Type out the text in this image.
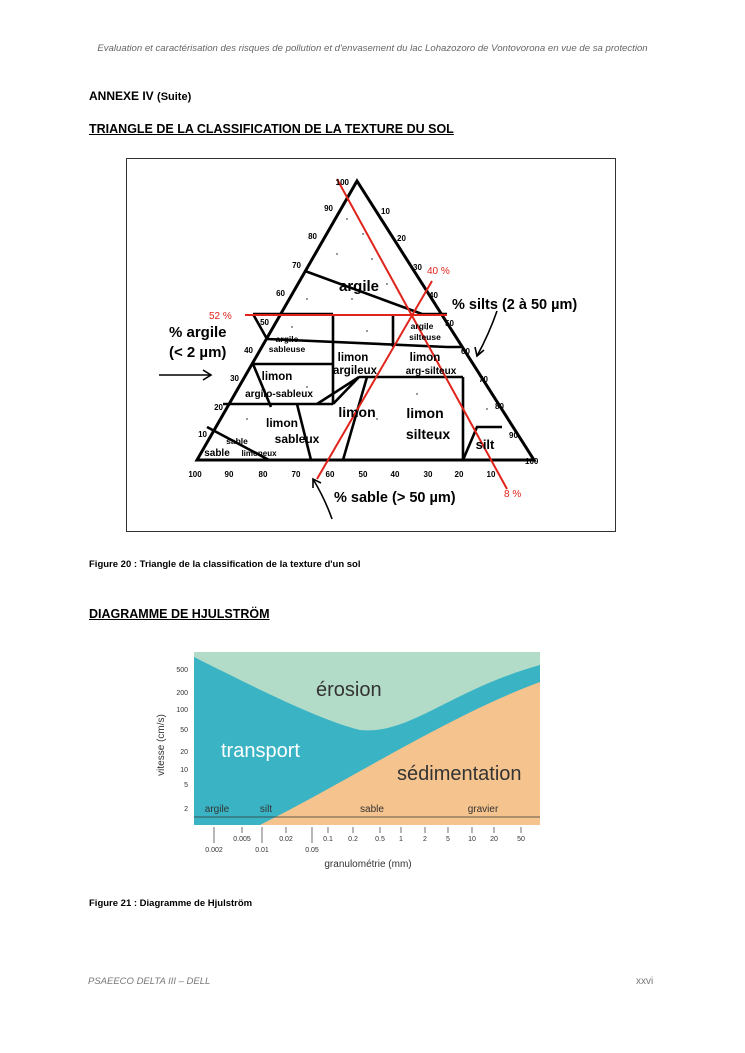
Evaluation et caractérisation des risques de pollution et d'envasement du lac Lohazozoro de Vontovorona en vue de sa protection
ANNEXE IV (Suite)
TRIANGLE DE LA CLASSIFICATION DE LA TEXTURE DU SOL
100
90
80
70
60
50
40
30
20
10
10
20
30
40
50
60
70
80
90
100
100	90	80	70	60	50	40	30	20	10
argile
argile
sableuse
argile
silteuse
limon
argileux
limon
arg-silteux
limon
argilo-sableux
limon limon
silteux
limon
sableux
sable
limoneux
sable
silt
% argile
(< 2 µm)
% silts (2 à 50 µm)
% sable (> 50 µm)
40 %
52 %
8 %
Figure 20 : Triangle de la classification de la texture d'un sol
DIAGRAMME DE HJULSTRÖM
500
200
100
50
20
10
5
2
vitesse (cm/s)
argile	silt	sable	gravier
érosion
transport
sédimentation
0.005	0.02	0.1 0.2 0.5 1	2	5	10 20	50
0.002	0.01	0.05
granulométrie (mm)
Figure 21 : Diagramme de Hjulström
PSAEECO DELTA III – DELL	xxvi
